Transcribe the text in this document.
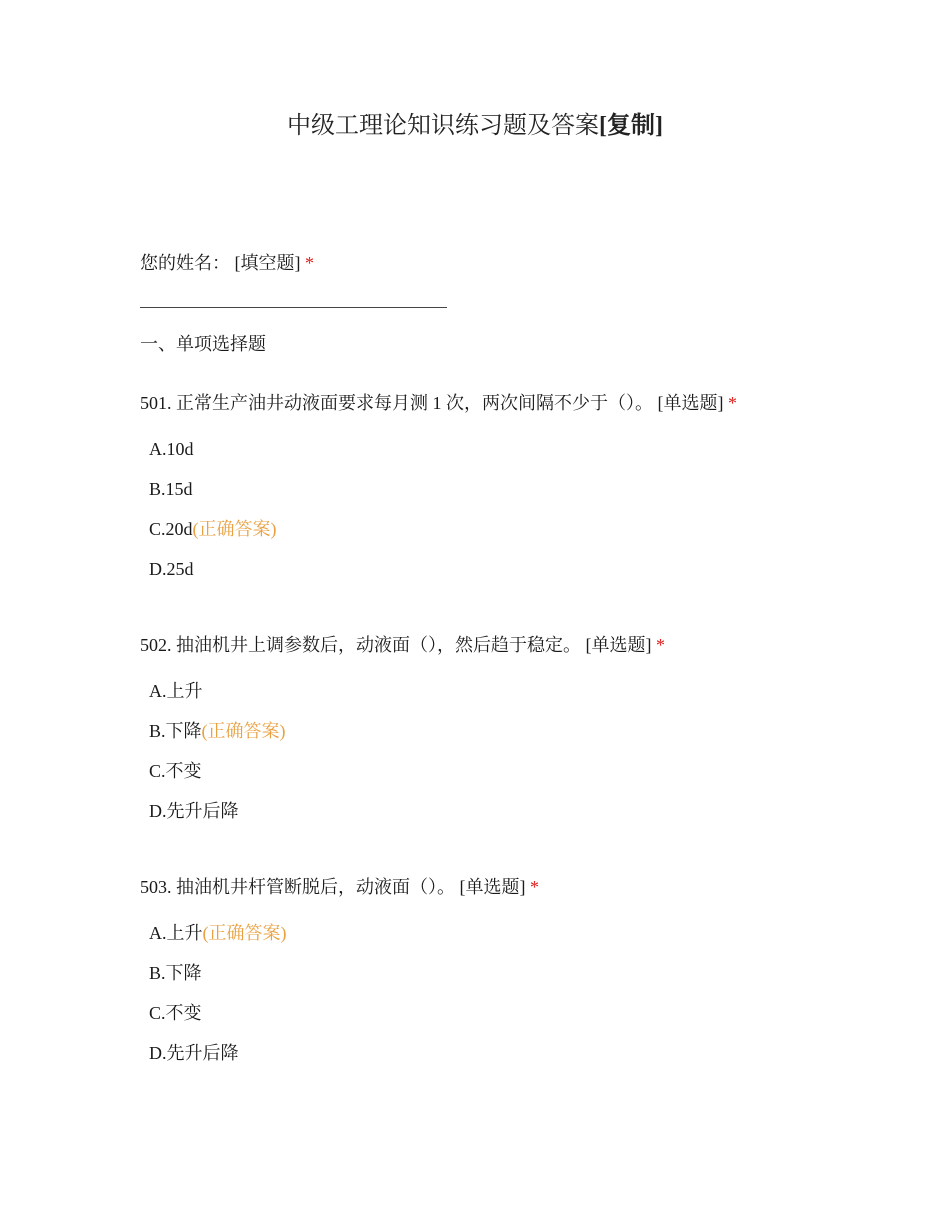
中级工理论知识练习题及答案[复制]
您的姓名： [填空题] *
一、单项选择题
501. 正常生产油井动液面要求每月测 1 次，两次间隔不少于（）。 [单选题] *
A.10d
B.15d
C.20d(正确答案)
D.25d
502. 抽油机井上调参数后，动液面（），然后趋于稳定。 [单选题] *
A.上升
B.下降(正确答案)
C.不变
D.先升后降
503. 抽油机井杆管断脱后，动液面（）。 [单选题] *
A.上升(正确答案)
B.下降
C.不变
D.先升后降
